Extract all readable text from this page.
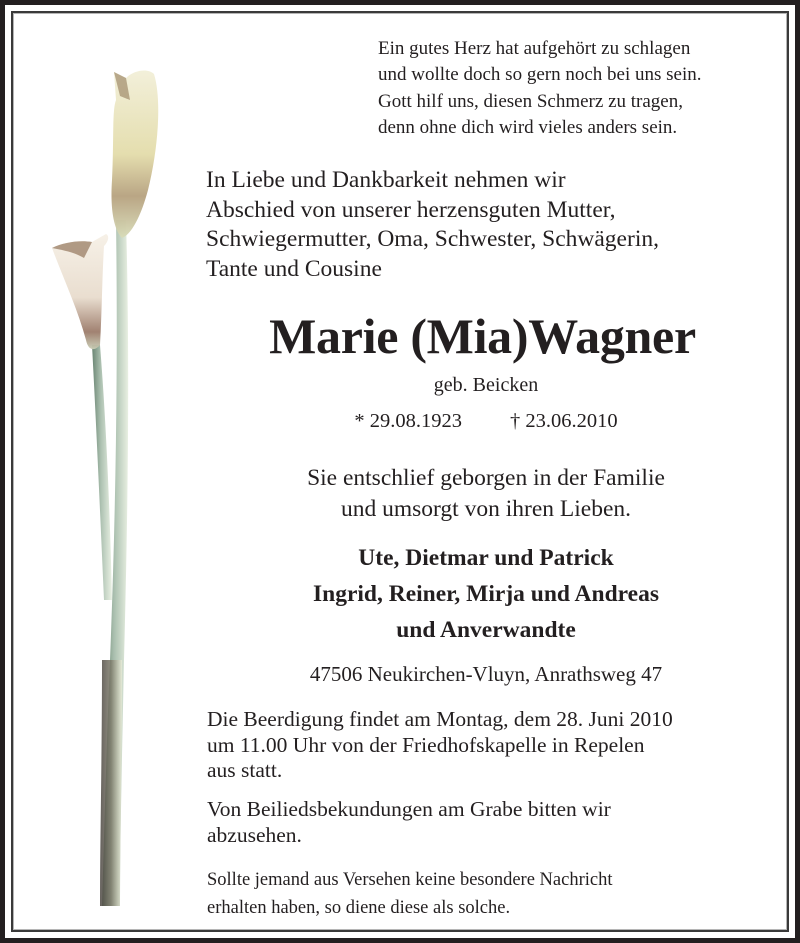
Ein gutes Herz hat aufgehört zu schlagen
und wollte doch so gern noch bei uns sein.
Gott hilf uns, diesen Schmerz zu tragen,
denn ohne dich wird vieles anders sein.
In Liebe und Dankbarkeit nehmen wir
Abschied von unserer herzensguten Mutter,
Schwiegermutter, Oma, Schwester, Schwägerin,
Tante und Cousine
Marie (Mia)Wagner
geb. Beicken
* 29.08.1923 † 23.06.2010
Sie entschlief geborgen in der Familie
und umsorgt von ihren Lieben.
Ute, Dietmar und Patrick
Ingrid, Reiner, Mirja und Andreas
und Anverwandte
47506 Neukirchen-Vluyn, Anrathsweg 47
Die Beerdigung findet am Montag, dem 28. Juni 2010
um 11.00 Uhr von der Friedhofskapelle in Repelen
aus statt.
Von Beiliedsbekundungen am Grabe bitten wir
abzusehen.
Sollte jemand aus Versehen keine besondere Nachricht
erhalten haben, so diene diese als solche.
